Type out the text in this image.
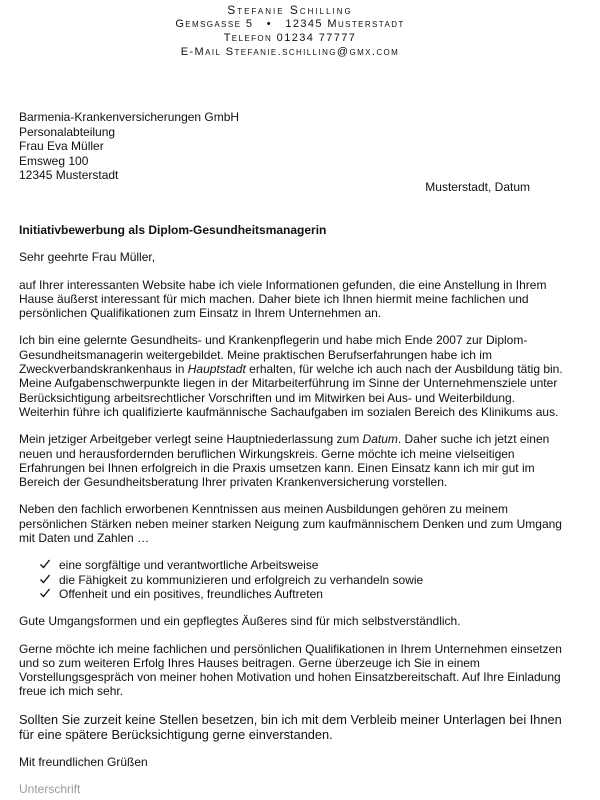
Stefanie Schilling
Gemsgasse 5   •   12345 Musterstadt
Telefon 01234 77777
E-Mail Stefanie.schilling@gmx.com
Barmenia-Krankenversicherungen GmbH
Personalabteilung
Frau Eva Müller
Emsweg 100
12345 Musterstadt
Musterstadt, Datum
Initiativbewerbung als Diplom-Gesundheitsmanagerin

Sehr geehrte Frau Müller,

auf Ihrer interessanten Website habe ich viele Informationen gefunden, die eine Anstellung in Ihrem Hause äußerst interessant für mich machen. Daher biete ich Ihnen hiermit meine fachlichen und persönlichen Qualifikationen zum Einsatz in Ihrem Unternehmen an.

Ich bin eine gelernte Gesundheits- und Krankenpflegerin und habe mich Ende 2007 zur Diplom-Gesundheitsmanagerin weitergebildet. Meine praktischen Berufserfahrungen habe ich im Zweckverbandskrankenhaus in Hauptstadt erhalten, für welche ich auch nach der Ausbildung tätig bin. Meine Aufgabenschwerpunkte liegen in der Mitarbeiterführung im Sinne der Unternehmensziele unter Berücksichtigung arbeitsrechtlicher Vorschriften und im Mitwirken bei Aus- und Weiterbildung. Weiterhin führe ich qualifizierte kaufmännische Sachaufgaben im sozialen Bereich des Klinikums aus.

Mein jetziger Arbeitgeber verlegt seine Hauptniederlassung zum Datum. Daher suche ich jetzt einen neuen und herausfordernden beruflichen Wirkungskreis. Gerne möchte ich meine vielseitigen Erfahrungen bei Ihnen erfolgreich in die Praxis umsetzen kann. Einen Einsatz kann ich mir gut im Bereich der Gesundheitsberatung Ihrer privaten Krankenversicherung vorstellen.

Neben den fachlich erworbenen Kenntnissen aus meinen Ausbildungen gehören zu meinem persönlichen Stärken neben meiner starken Neigung zum kaufmännischem Denken und zum Umgang mit Daten und Zahlen …

eine sorgfältige und verantwortliche Arbeitsweise
die Fähigkeit zu kommunizieren und erfolgreich zu verhandeln sowie
Offenheit und ein positives, freundliches Auftreten

Gute Umgangsformen und ein gepflegtes Äußeres sind für mich selbstverständlich.

Gerne möchte ich meine fachlichen und persönlichen Qualifikationen in Ihrem Unternehmen einsetzen und so zum weiteren Erfolg Ihres Hauses beitragen. Gerne überzeuge ich Sie in einem Vorstellungsgespräch von meiner hohen Motivation und hohen Einsatzbereitschaft. Auf Ihre Einladung freue ich mich sehr.

Sollten Sie zurzeit keine Stellen besetzen, bin ich mit dem Verbleib meiner Unterlagen bei Ihnen für eine spätere Berücksichtigung gerne einverstanden.

Mit freundlichen Grüßen

Unterschrift
